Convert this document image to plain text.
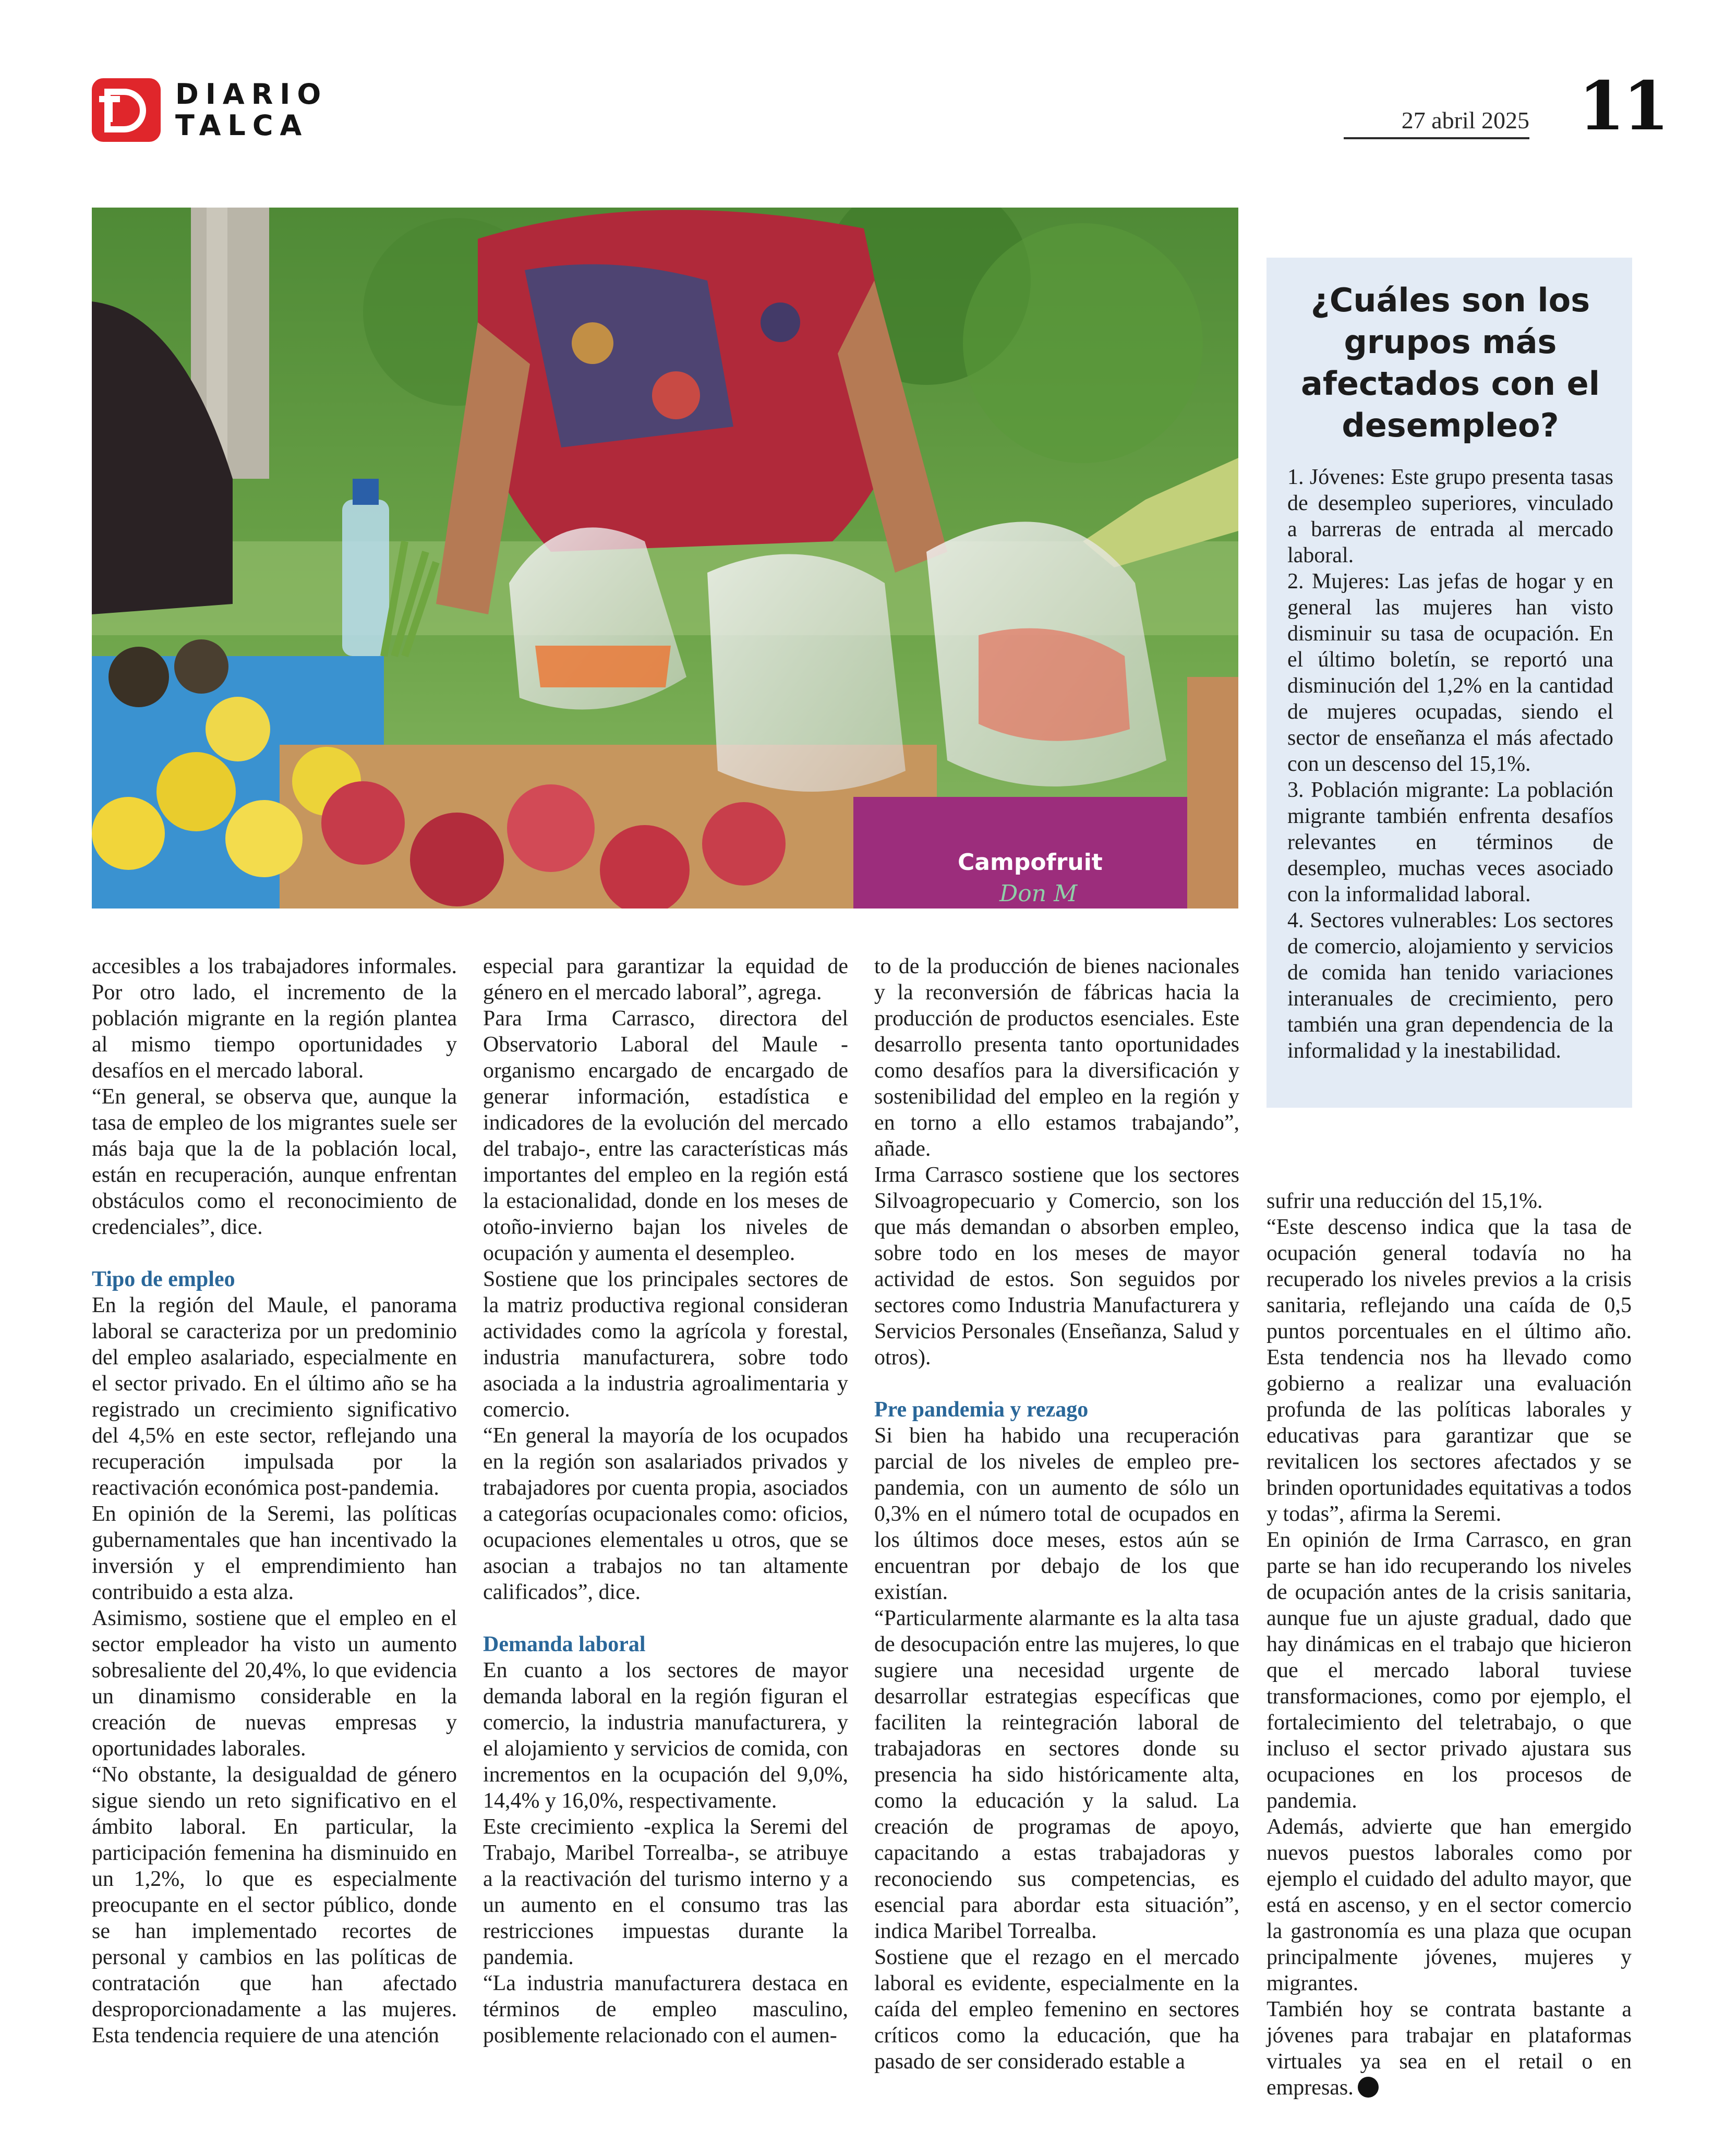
DIARIO
TALCA	27 abril 2025 11
Campofruit
Don M
¿Cuáles son los grupos más afectados con el desempleo?
1. Jóvenes: Este grupo presenta tasas de desempleo superiores, vinculado a barreras de entrada al mercado laboral.
2. Mujeres: Las jefas de hogar y en general las mujeres han visto disminuir su tasa de ocupación. En el último boletín, se reportó una disminución del 1,2% en la cantidad de mujeres ocupadas, siendo el sector de enseñanza el más afectado con un descenso del 15,1%.
3. Población migrante: La población migrante también enfrenta desafíos relevantes en términos de desempleo, muchas veces asociado con la informalidad laboral.
4. Sectores vulnerables: Los sectores de comercio, alojamiento y servicios de comida han tenido variaciones interanuales de crecimiento, pero también una gran dependencia de la informalidad y la inestabilidad.

accesibles a los trabajadores informales. Por otro lado, el incremento de la población migrante en la región plantea al mismo tiempo oportunidades y desafíos en el mercado laboral.

“En general, se observa que, aunque la tasa de empleo de los migrantes suele ser más baja que la de la población local, están en recuperación, aunque enfrentan obstáculos como el reconocimiento de credenciales”, dice.

Tipo de empleo

En la región del Maule, el panorama laboral se caracteriza por un predominio del empleo asalariado, especialmente en el sector privado. En el último año se ha registrado un crecimiento significativo del 4,5% en este sector, reflejando una recuperación impulsada por la reactivación económica post-pandemia.

En opinión de la Seremi, las políticas gubernamentales que han incentivado la inversión y el emprendimiento han contribuido a esta alza.

Asimismo, sostiene que el empleo en el sector empleador ha visto un aumento sobresaliente del 20,4%, lo que evidencia un dinamismo considerable en la creación de nuevas empresas y oportunidades laborales.

“No obstante, la desigualdad de género sigue siendo un reto significativo en el ámbito laboral. En particular, la participación femenina ha disminuido en un 1,2%, lo que es especialmente preocupante en el sector público, donde se han implementado recortes de personal y cambios en las políticas de contratación que han afectado desproporcionadamente a las mujeres. Esta tendencia requiere de una atención

especial para garantizar la equidad de género en el mercado laboral”, agrega.

Para Irma Carrasco, directora del Observatorio Laboral del Maule -organismo encargado de encargado de generar información, estadística e indicadores de la evolución del mercado del trabajo-, entre las características más importantes del empleo en la región está la estacionalidad, donde en los meses de otoño-invierno bajan los niveles de ocupación y aumenta el desempleo.

Sostiene que los principales sectores de la matriz productiva regional consideran actividades como la agrícola y forestal, industria manufacturera, sobre todo asociada a la industria agroalimentaria y comercio.

“En general la mayoría de los ocupados en la región son asalariados privados y trabajadores por cuenta propia, asociados a categorías ocupacionales como: oficios, ocupaciones elementales u otros, que se asocian a trabajos no tan altamente calificados”, dice.

Demanda laboral

En cuanto a los sectores de mayor demanda laboral en la región figuran el comercio, la industria manufacturera, y el alojamiento y servicios de comida, con incrementos en la ocupación del 9,0%, 14,4% y 16,0%, respectivamente.

Este crecimiento -explica la Seremi del Trabajo, Maribel Torrealba-, se atribuye a la reactivación del turismo interno y a un aumento en el consumo tras las restricciones impuestas durante la pandemia.

“La industria manufacturera destaca en términos de empleo masculino, posiblemente relacionado con el aumen-

to de la producción de bienes nacionales y la reconversión de fábricas hacia la producción de productos esenciales. Este desarrollo presenta tanto oportunidades como desafíos para la diversificación y sostenibilidad del empleo en la región y en torno a ello estamos trabajando”, añade.

Irma Carrasco sostiene que los sectores Silvoagropecuario y Comercio, son los que más demandan o absorben empleo, sobre todo en los meses de mayor actividad de estos. Son seguidos por sectores como Industria Manufacturera y Servicios Personales (Enseñanza, Salud y otros).

Pre pandemia y rezago

Si bien ha habido una recuperación parcial de los niveles de empleo pre-pandemia, con un aumento de sólo un 0,3% en el número total de ocupados en los últimos doce meses, estos aún se encuentran por debajo de los que existían.

“Particularmente alarmante es la alta tasa de desocupación entre las mujeres, lo que sugiere una necesidad urgente de desarrollar estrategias específicas que faciliten la reintegración laboral de trabajadoras en sectores donde su presencia ha sido históricamente alta, como la educación y la salud. La creación de programas de apoyo, capacitando a estas trabajadoras y reconociendo sus competencias, es esencial para abordar esta situación”, indica Maribel Torrealba.

Sostiene que el rezago en el mercado laboral es evidente, especialmente en la caída del empleo femenino en sectores críticos como la educación, que ha pasado de ser considerado estable a

sufrir una reducción del 15,1%.

“Este descenso indica que la tasa de ocupación general todavía no ha recuperado los niveles previos a la crisis sanitaria, reflejando una caída de 0,5 puntos porcentuales en el último año. Esta tendencia nos ha llevado como gobierno a realizar una evaluación profunda de las políticas laborales y educativas para garantizar que se revitalicen los sectores afectados y se brinden oportunidades equitativas a todos y todas”, afirma la Seremi.

En opinión de Irma Carrasco, en gran parte se han ido recuperando los niveles de ocupación antes de la crisis sanitaria, aunque fue un ajuste gradual, dado que hay dinámicas en el trabajo que hicieron que el mercado laboral tuviese transformaciones, como por ejemplo, el fortalecimiento del teletrabajo, o que incluso el sector privado ajustara sus ocupaciones en los procesos de pandemia.

Además, advierte que han emergido nuevos puestos laborales como por ejemplo el cuidado del adulto mayor, que está en ascenso, y en el sector comercio la gastronomía es una plaza que ocupan principalmente jóvenes, mujeres y migrantes.

También hoy se contrata bastante a jóvenes para trabajar en plataformas virtuales ya sea en el retail o en empresas.
